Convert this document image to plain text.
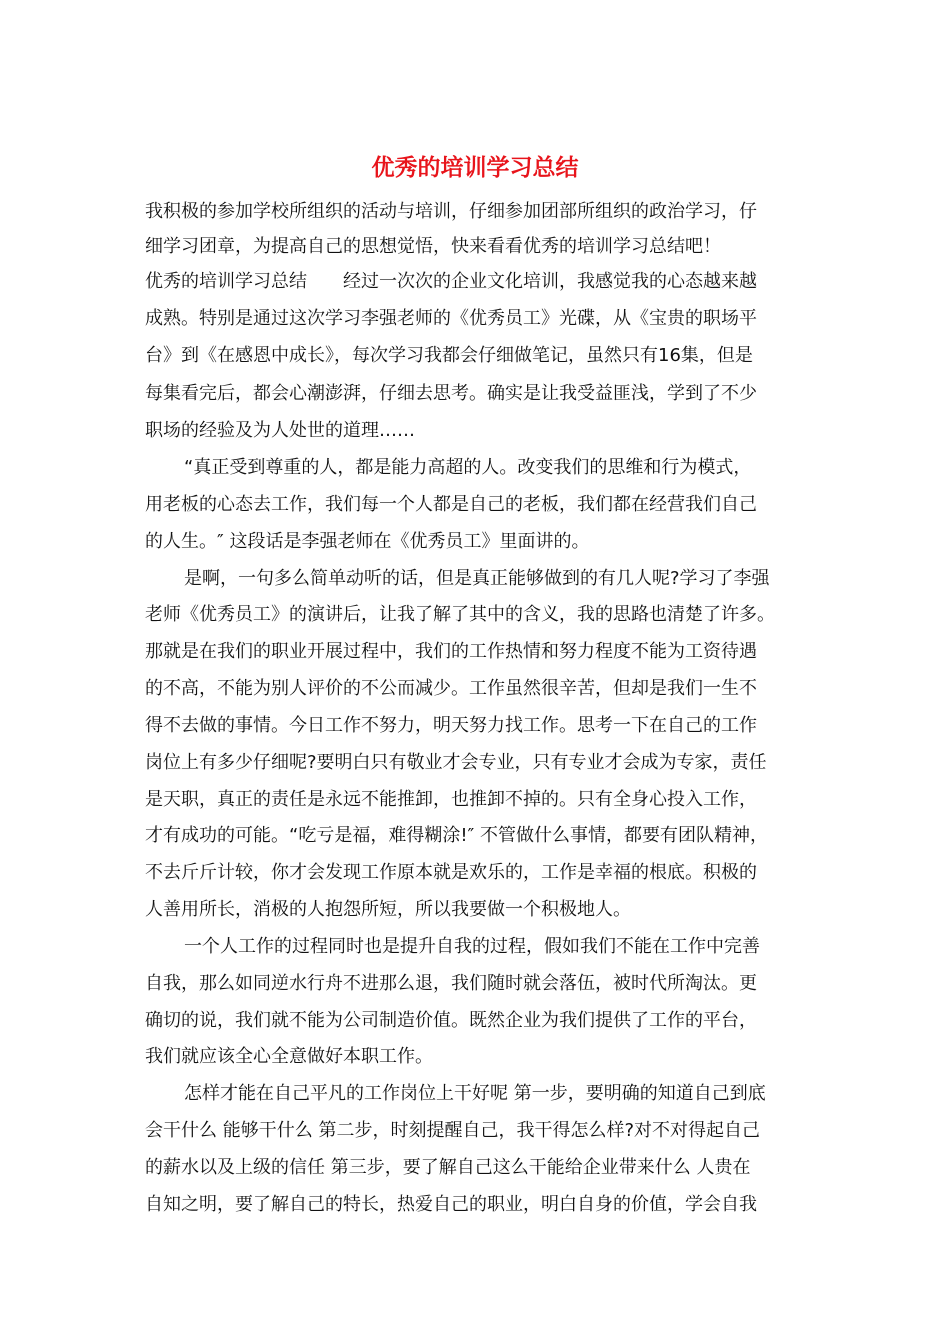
优秀的培训学习总结

我积极的参加学校所组织的活动与培训，仔细参加团部所组织的政治学习，仔

细学习团章，为提高自己的思想觉悟，快来看看优秀的培训学习总结吧！

优秀的培训学习总结　　经过一次次的企业文化培训，我感觉我的心态越来越

成熟。特别是通过这次学习李强老师的《优秀员工》光碟，从《宝贵的职场平

台》到《在感恩中成长》，每次学习我都会仔细做笔记，虽然只有16集，但是

每集看完后，都会心潮澎湃，仔细去思考。确实是让我受益匪浅，学到了不少

职场的经验及为人处世的道理……

“真正受到尊重的人，都是能力高超的人。改变我们的思维和行为模式，

用老板的心态去工作，我们每一个人都是自己的老板，我们都在经营我们自己

的人生。″ 这段话是李强老师在《优秀员工》里面讲的。

是啊，一句多么简单动听的话，但是真正能够做到的有几人呢?学习了李强

老师《优秀员工》的演讲后，让我了解了其中的含义，我的思路也清楚了许多。

那就是在我们的职业开展过程中，我们的工作热情和努力程度不能为工资待遇

的不高，不能为别人评价的不公而减少。工作虽然很辛苦，但却是我们一生不

得不去做的事情。今日工作不努力，明天努力找工作。思考一下在自己的工作

岗位上有多少仔细呢?要明白只有敬业才会专业，只有专业才会成为专家，责任

是天职，真正的责任是永远不能推卸，也推卸不掉的。只有全身心投入工作，

才有成功的可能。“吃亏是福，难得糊涂!″ 不管做什么事情，都要有团队精神，

不去斤斤计较，你才会发现工作原本就是欢乐的，工作是幸福的根底。积极的

人善用所长，消极的人抱怨所短，所以我要做一个积极地人。

一个人工作的过程同时也是提升自我的过程，假如我们不能在工作中完善

自我，那么如同逆水行舟不进那么退，我们随时就会落伍，被时代所淘汰。更

确切的说，我们就不能为公司制造价值。既然企业为我们提供了工作的平台，

我们就应该全心全意做好本职工作。

怎样才能在自己平凡的工作岗位上干好呢 第一步，要明确的知道自己到底

会干什么 能够干什么 第二步，时刻提醒自己，我干得怎么样?对不对得起自己

的薪水以及上级的信任 第三步，要了解自己这么干能给企业带来什么 人贵在

自知之明，要了解自己的特长，热爱自己的职业，明白自身的价值，学会自我
